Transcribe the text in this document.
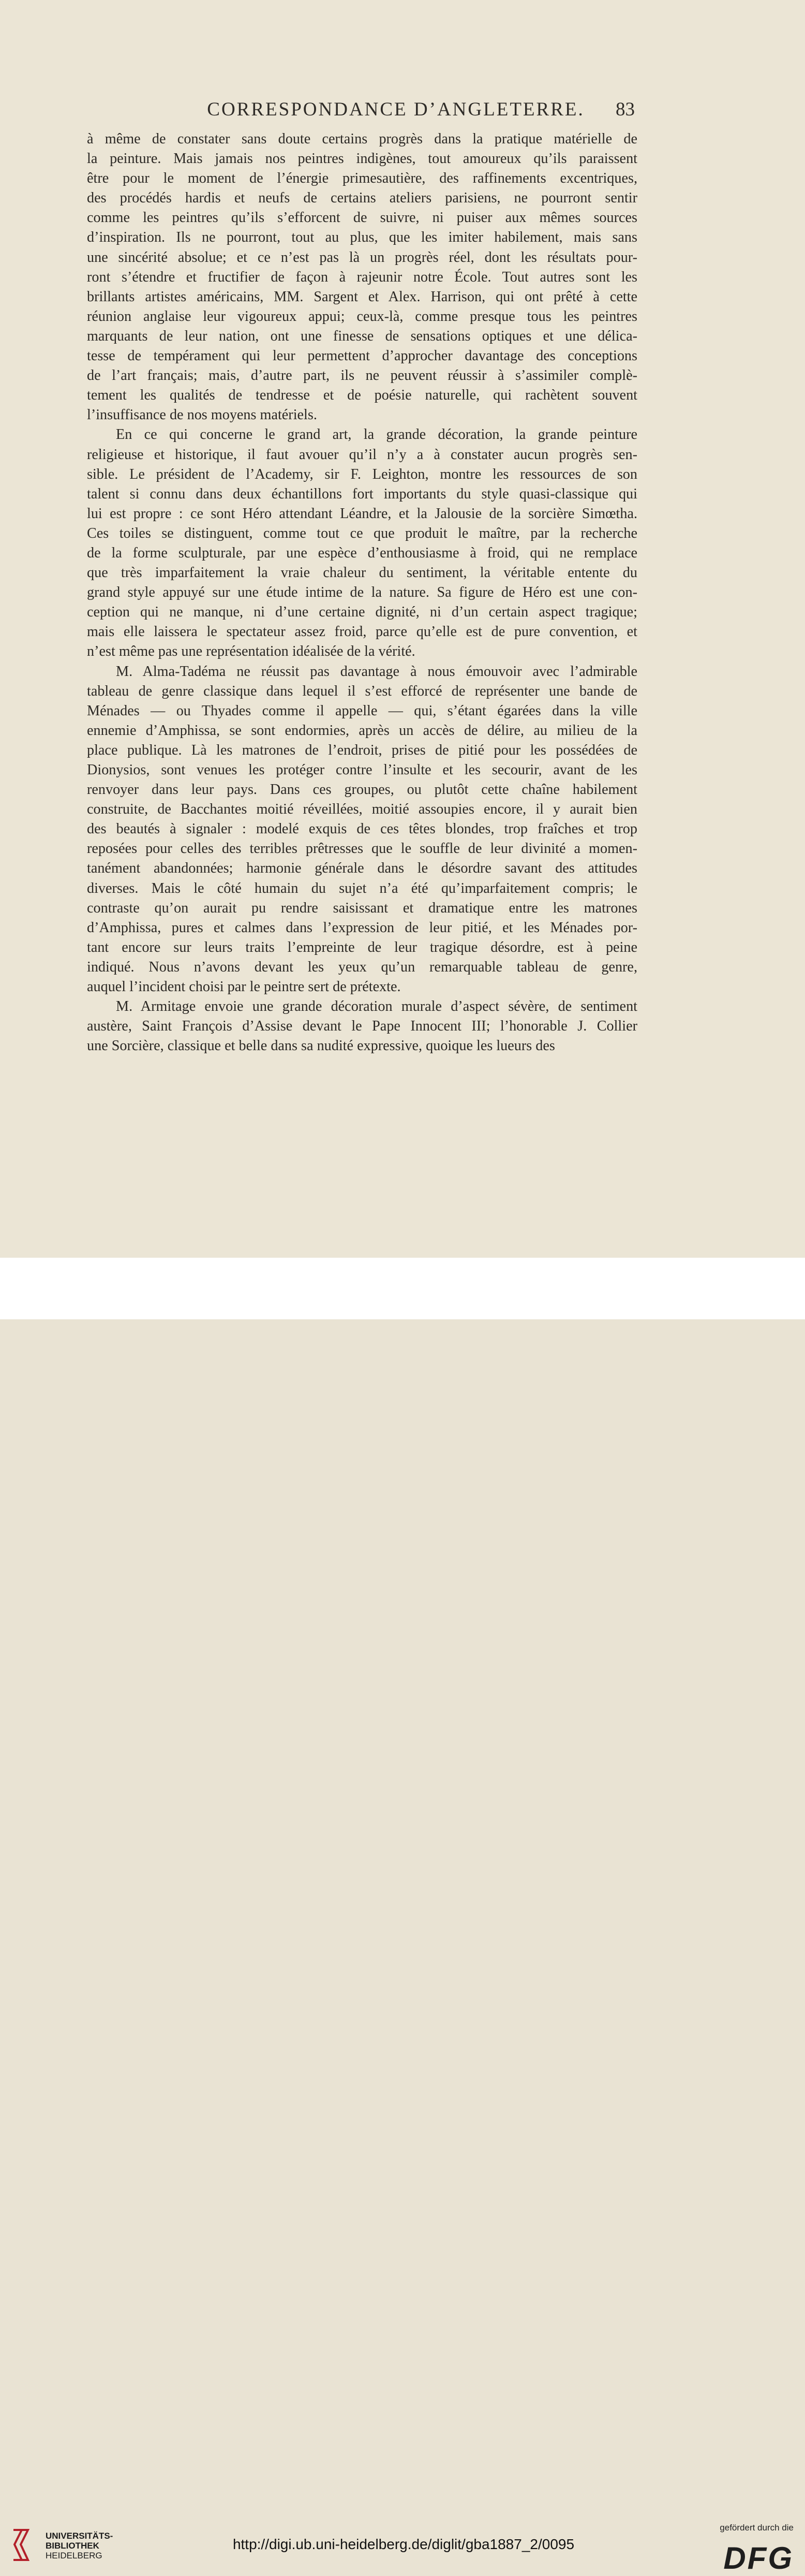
CORRESPONDANCE D’ANGLETERRE.	83

à même de constater sans doute certains progrès dans la pratique matérielle de
la peinture. Mais jamais nos peintres indigènes, tout amoureux qu’ils paraissent
être pour le moment de l’énergie primesautière, des raffinements excentriques,
des procédés hardis et neufs de certains ateliers parisiens, ne pourront sentir
comme les peintres qu’ils s’efforcent de suivre, ni puiser aux mêmes sources
d’inspiration. Ils ne pourront, tout au plus, que les imiter habilement, mais sans
une sincérité absolue; et ce n’est pas là un progrès réel, dont les résultats pour-
ront s’étendre et fructifier de façon à rajeunir notre École. Tout autres sont les
brillants artistes américains, MM. Sargent et Alex. Harrison, qui ont prêté à cette
réunion anglaise leur vigoureux appui; ceux-là, comme presque tous les peintres
marquants de leur nation, ont une finesse de sensations optiques et une délica-
tesse de tempérament qui leur permettent d’approcher davantage des conceptions
de l’art français; mais, d’autre part, ils ne peuvent réussir à s’assimiler complè-
tement les qualités de tendresse et de poésie naturelle, qui rachètent souvent
l’insuffisance de nos moyens matériels.

En ce qui concerne le grand art, la grande décoration, la grande peinture
religieuse et historique, il faut avouer qu’il n’y a à constater aucun progrès sen-
sible. Le président de l’Academy, sir F. Leighton, montre les ressources de son
talent si connu dans deux échantillons fort importants du style quasi-classique qui
lui est propre : ce sont Héro attendant Léandre, et la Jalousie de la sorcière Simœtha.
Ces toiles se distinguent, comme tout ce que produit le maître, par la recherche
de la forme sculpturale, par une espèce d’enthousiasme à froid, qui ne remplace
que très imparfaitement la vraie chaleur du sentiment, la véritable entente du
grand style appuyé sur une étude intime de la nature. Sa figure de Héro est une con-
ception qui ne manque, ni d’une certaine dignité, ni d’un certain aspect tragique;
mais elle laissera le spectateur assez froid, parce qu’elle est de pure convention, et
n’est même pas une représentation idéalisée de la vérité.

M. Alma-Tadéma ne réussit pas davantage à nous émouvoir avec l’admirable
tableau de genre classique dans lequel il s’est efforcé de représenter une bande de
Ménades — ou Thyades comme il appelle — qui, s’étant égarées dans la ville
ennemie d’Amphissa, se sont endormies, après un accès de délire, au milieu de la
place publique. Là les matrones de l’endroit, prises de pitié pour les possédées de
Dionysios, sont venues les protéger contre l’insulte et les secourir, avant de les
renvoyer dans leur pays. Dans ces groupes, ou plutôt cette chaîne habilement
construite, de Bacchantes moitié réveillées, moitié assoupies encore, il y aurait bien
des beautés à signaler : modelé exquis de ces têtes blondes, trop fraîches et trop
reposées pour celles des terribles prêtresses que le souffle de leur divinité a momen-
tanément abandonnées; harmonie générale dans le désordre savant des attitudes
diverses. Mais le côté humain du sujet n’a été qu’imparfaitement compris; le
contraste qu’on aurait pu rendre saisissant et dramatique entre les matrones
d’Amphissa, pures et calmes dans l’expression de leur pitié, et les Ménades por-
tant encore sur leurs traits l’empreinte de leur tragique désordre, est à peine
indiqué. Nous n’avons devant les yeux qu’un remarquable tableau de genre,
auquel l’incident choisi par le peintre sert de prétexte.

M. Armitage envoie une grande décoration murale d’aspect sévère, de sentiment
austère, Saint François d’Assise devant le Pape Innocent III; l’honorable J. Collier
une Sorcière, classique et belle dans sa nudité expressive, quoique les lueurs des

UNIVERSITÄTS-
BIBLIOTHEK
HEIDELBERG
http://digi.ub.uni-heidelberg.de/diglit/gba1887_2/0095
gefördert durch die
DFG
